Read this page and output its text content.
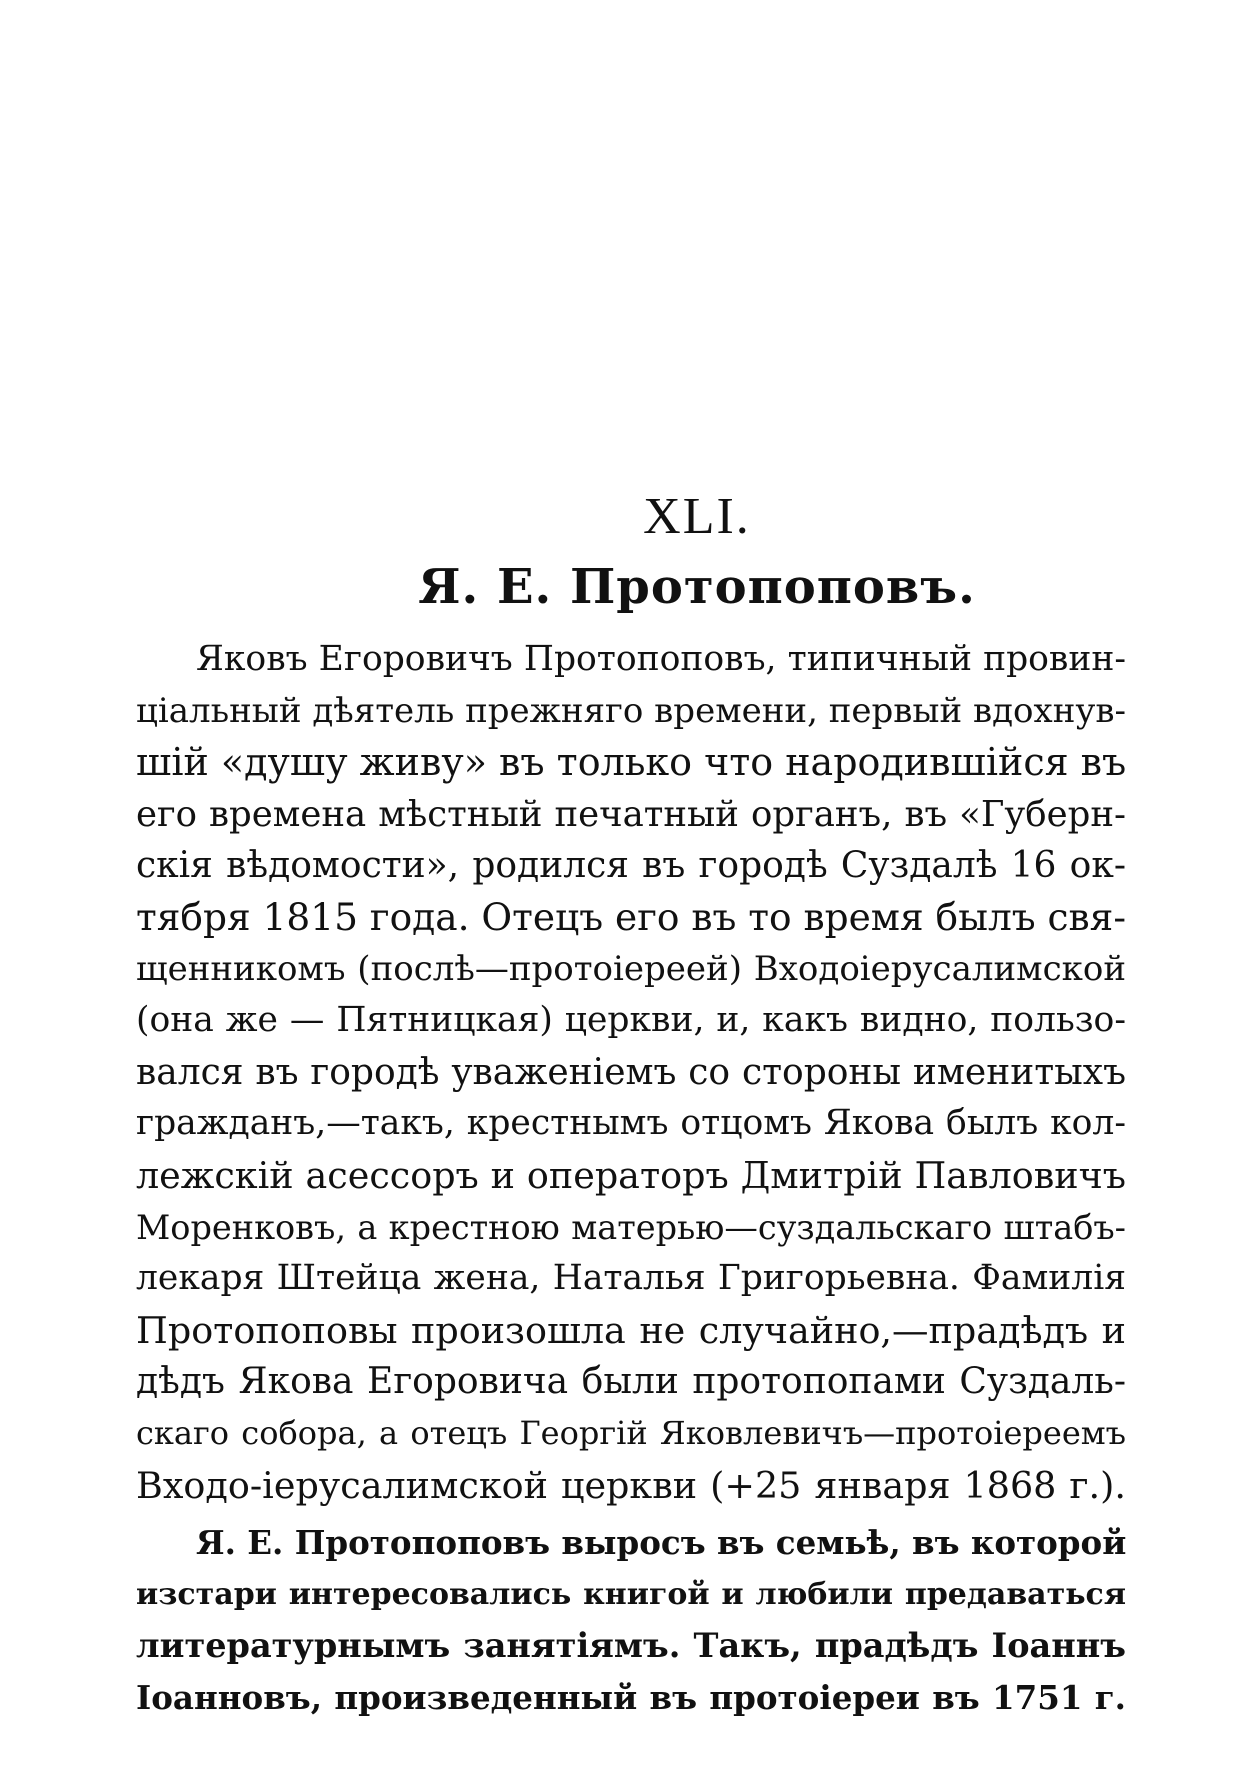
XLI.
Я. Е. Протопоповъ.
Яковъ Егоровичъ Протопоповъ, типичный провин-
ціальный дѣятель прежняго времени, первый вдохнув-
шій «душу живу» въ только что народившiйся въ
его времена мѣстный печатный органъ, въ «Губерн-
скія вѣдомости», родился въ городѣ Суздалѣ 16 ок-
тября 1815 года. Отецъ его въ то время былъ свя-
щенникомъ (послѣ—протоіереей) Входоіерусалимской
(она же — Пятницкая) церкви, и, какъ видно, пользо-
вался въ городѣ уваженіемъ со стороны именитыхъ
гражданъ,—такъ, крестнымъ отцомъ Якова былъ кол-
лежскій асессоръ и операторъ Дмитрій Павловичъ
Моренковъ, а крестною матерью—суздальскаго штабъ-
лекаря Штейца жена, Наталья Григорьевна. Фамилія
Протопоповы произошла не случайно,—прадѣдъ и
дѣдъ Якова Егоровича были протопопами Суздаль-
скаго собора, а отецъ Георгій Яковлевичъ—протоіереемъ
Входо-іерусалимской церкви (+25 января 1868 г.).
Я. Е. Протопоповъ выросъ въ семьѣ, въ которой
изстари интересовались книгой и любили предаваться
литературнымъ занятіямъ. Такъ, прадѣдъ Іоаннъ
Іоанновъ, произведенный въ протоіереи въ 1751 г.
